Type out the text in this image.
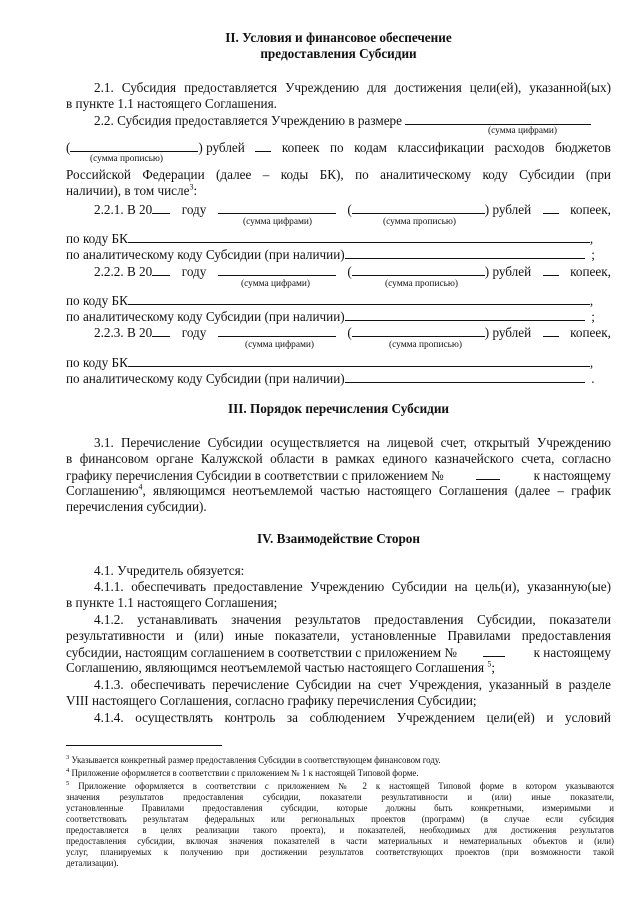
II. Условия и финансовое обеспечение
предоставления Субсидии
2.1. Субсидия предоставляется Учреждению для достижения цели(ей), указанной(ых)
в пункте 1.1 настоящего Соглашения.
2.2. Субсидия предоставляется Учреждению в размере
(сумма цифрами)
(	) рублей	копеек по кодам классификации расходов бюджетов
(сумма прописью)
Российской Федерации (далее – коды БК), по аналитическому коду Субсидии (при
наличии), в том числе$^3$:
2.2.1. В 20	году	(	) рублей	копеек,
(сумма цифрами)	(сумма прописью)
по коду БК	,
по аналитическому коду Субсидии (при наличии)	;
2.2.2. В 20	году	(	) рублей	копеек,
(сумма цифрами)	(сумма прописью)
по коду БК	,
по аналитическому коду Субсидии (при наличии)	;
2.2.3. В 20	году	(	) рублей	копеек,
(сумма цифрами)	(сумма прописью)
по коду БК	,
по аналитическому коду Субсидии (при наличии)	.
III. Порядок перечисления Субсидии
3.1. Перечисление Субсидии осуществляется на лицевой счет, открытый Учреждению
в финансовом органе Калужской области в рамках единого казначейского счета, согласно
графику перечисления Субсидии в соответствии с приложением №	к настоящему
Соглашению$^4$, являющимся неотъемлемой частью настоящего Соглашения (далее – график
перечисления субсидии).
IV. Взаимодействие Сторон
4.1. Учредитель обязуется:
4.1.1. обеспечивать предоставление Учреждению Субсидии на цель(и), указанную(ые)
в пункте 1.1 настоящего Соглашения;
4.1.2. устанавливать значения результатов предоставления Субсидии, показатели
результативности и (или) иные показатели, установленные Правилами предоставления
субсидии, настоящим соглашением в соответствии с приложением №	к настоящему
Соглашению, являющимся неотъемлемой частью настоящего Соглашения $^5$;
4.1.3. обеспечивать перечисление Субсидии на счет Учреждения, указанный в разделе
VIII настоящего Соглашения, согласно графику перечисления Субсидии;
4.1.4. осуществлять контроль за соблюдением Учреждением цели(ей) и условий
$^3$ Указывается конкретный размер предоставления Субсидии в соответствующем финансовом году.
$^4$ Приложение оформляется в соответствии с приложением № 1 к настоящей Типовой форме.
$^5$ Приложение оформляется в соответствии с приложением № 2 к настоящей Типовой форме в котором указываются
значения результатов предоставления субсидии, показатели результативности и (или) иные показатели,
установленные Правилами предоставления субсидии, которые должны быть конкретными, измеримыми и
соответствовать результатам федеральных или региональных проектов (программ) (в случае если субсидия
предоставляется в целях реализации такого проекта), и показателей, необходимых для достижения результатов
предоставления субсидии, включая значения показателей в части материальных и нематериальных объектов и (или)
услуг, планируемых к получению при достижении результатов соответствующих проектов (при возможности такой
детализации).
